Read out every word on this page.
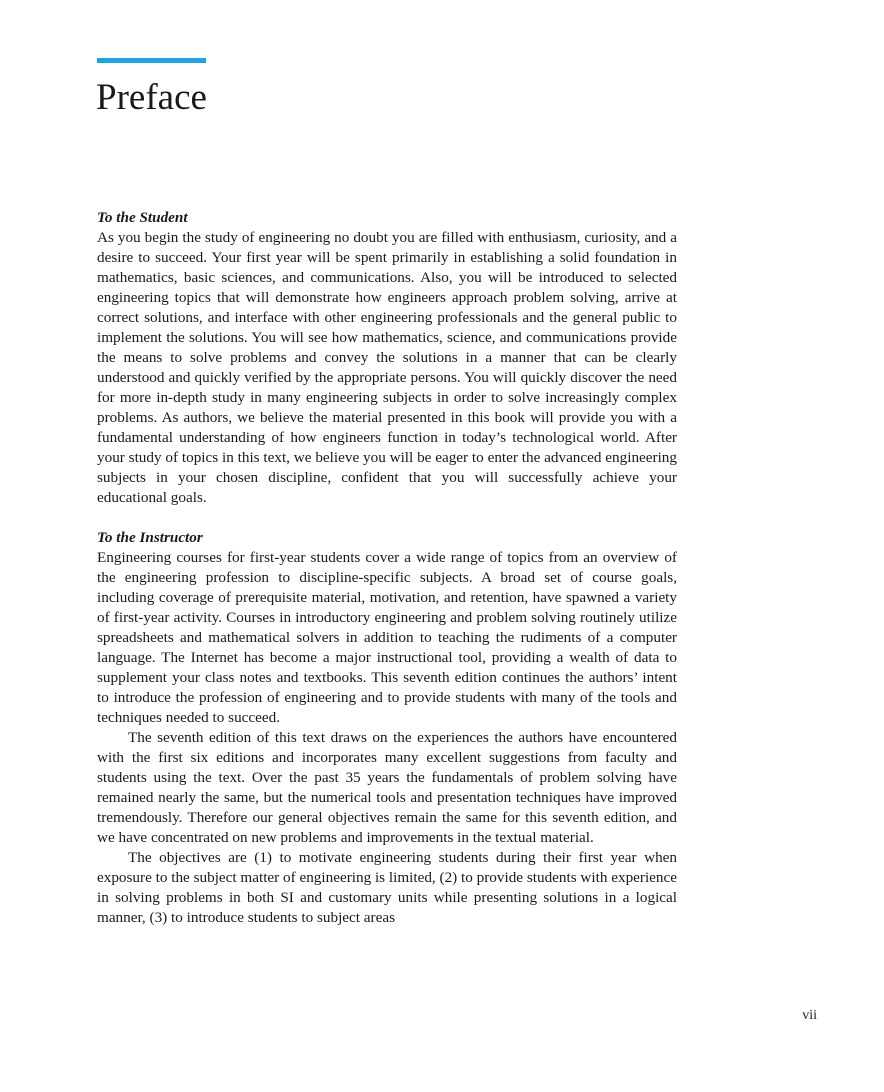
Preface
To the Student

As you begin the study of engineering no doubt you are filled with enthusiasm, curiosity, and a desire to succeed. Your first year will be spent primarily in establishing a solid foundation in mathematics, basic sciences, and communications. Also, you will be introduced to selected engineering topics that will demonstrate how engineers approach problem solving, arrive at correct solutions, and interface with other engineering professionals and the general public to implement the solutions. You will see how mathematics, science, and communications provide the means to solve problems and convey the solutions in a manner that can be clearly understood and quickly verified by the appropriate persons. You will quickly discover the need for more in-depth study in many engineering subjects in order to solve increasingly complex problems. As authors, we believe the material presented in this book will provide you with a fundamental understanding of how engineers function in today’s technological world. After your study of topics in this text, we believe you will be eager to enter the advanced engineering subjects in your chosen discipline, confident that you will successfully achieve your educational goals.

To the Instructor

Engineering courses for first-year students cover a wide range of topics from an overview of the engineering profession to discipline-specific subjects. A broad set of course goals, including coverage of prerequisite material, motivation, and retention, have spawned a variety of first-year activity. Courses in introductory engineering and problem solving routinely utilize spreadsheets and mathematical solvers in addition to teaching the rudiments of a computer language. The Internet has become a major instructional tool, providing a wealth of data to supplement your class notes and textbooks. This seventh edition continues the authors’ intent to introduce the profession of engineering and to provide students with many of the tools and techniques needed to succeed.

The seventh edition of this text draws on the experiences the authors have encountered with the first six editions and incorporates many excellent suggestions from faculty and students using the text. Over the past 35 years the fundamentals of problem solving have remained nearly the same, but the numerical tools and presentation techniques have improved tremendously. Therefore our general objectives remain the same for this seventh edition, and we have concentrated on new problems and improvements in the textual material.

The objectives are (1) to motivate engineering students during their first year when exposure to the subject matter of engineering is limited, (2) to provide students with experience in solving problems in both SI and customary units while presenting solutions in a logical manner, (3) to introduce students to subject areas

vii
